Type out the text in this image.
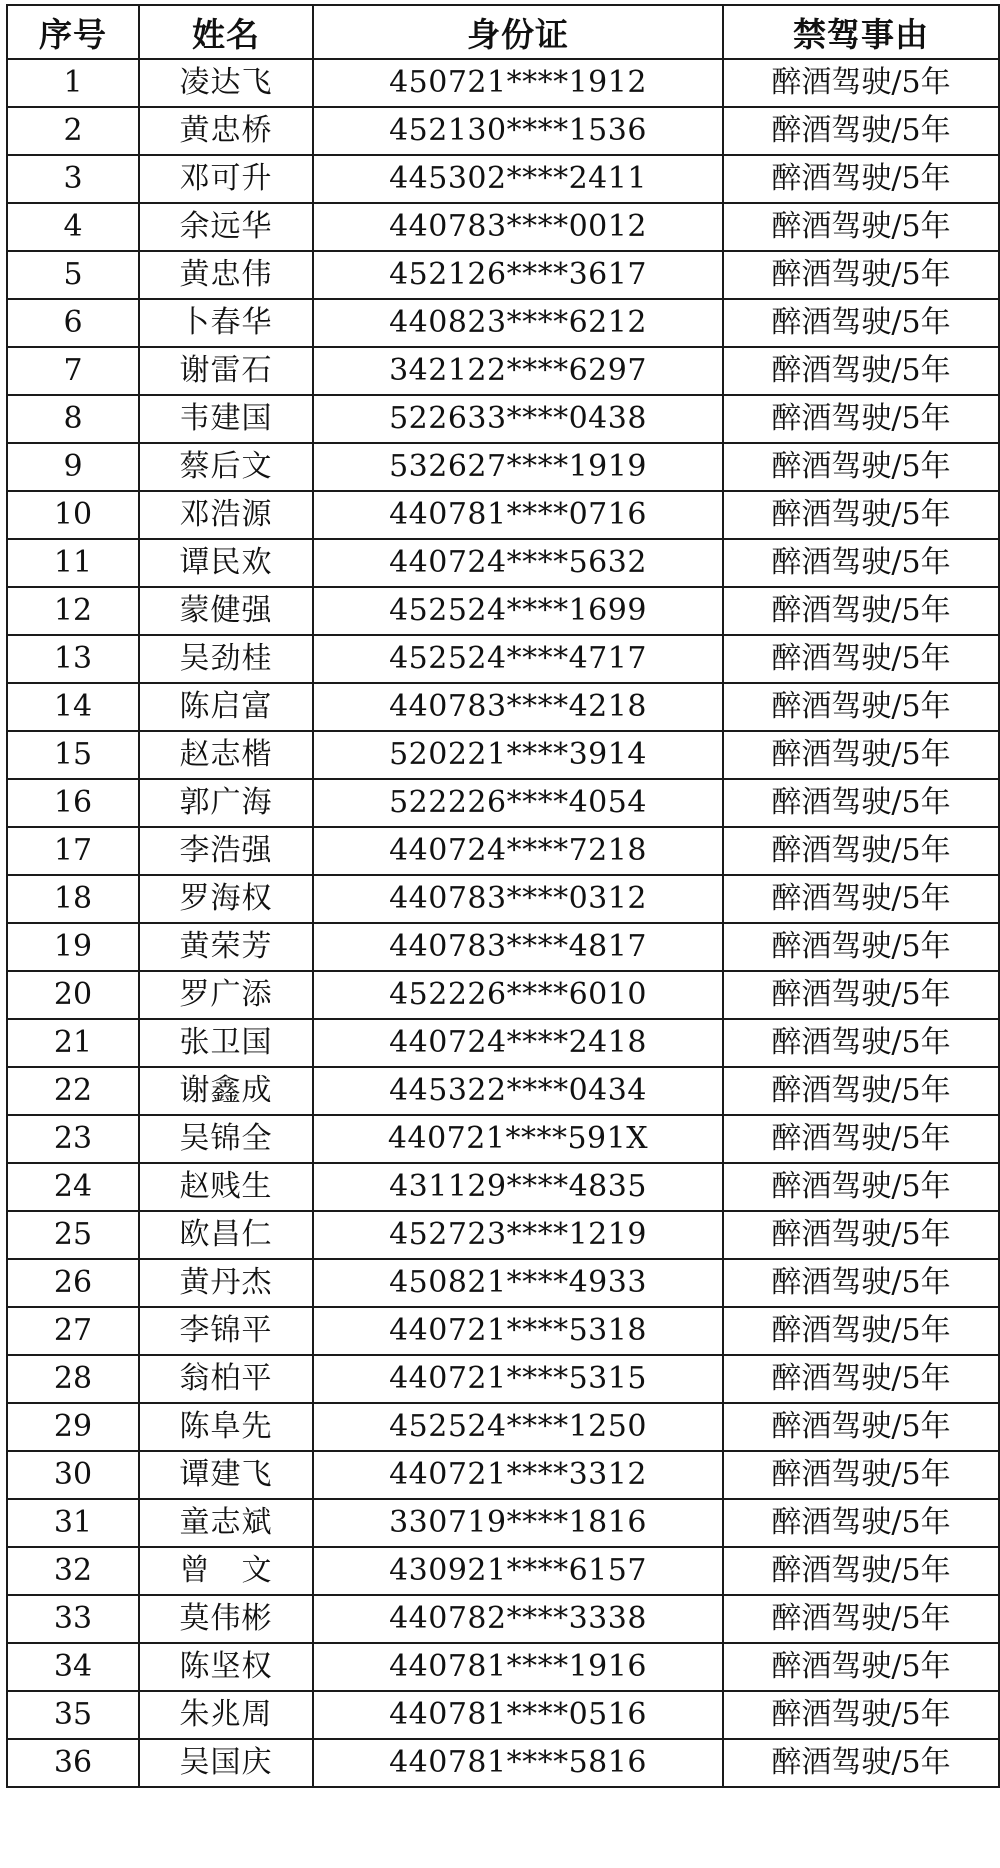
序号	姓名	身份证	禁驾事由
1	凌达飞	450721****1912	醉酒驾驶/5年
2	黄忠桥	452130****1536	醉酒驾驶/5年
3	邓可升	445302****2411	醉酒驾驶/5年
4	余远华	440783****0012	醉酒驾驶/5年
5	黄忠伟	452126****3617	醉酒驾驶/5年
6	卜春华	440823****6212	醉酒驾驶/5年
7	谢雷石	342122****6297	醉酒驾驶/5年
8	韦建国	522633****0438	醉酒驾驶/5年
9	蔡后文	532627****1919	醉酒驾驶/5年
10	邓浩源	440781****0716	醉酒驾驶/5年
11	谭民欢	440724****5632	醉酒驾驶/5年
12	蒙健强	452524****1699	醉酒驾驶/5年
13	吴劲桂	452524****4717	醉酒驾驶/5年
14	陈启富	440783****4218	醉酒驾驶/5年
15	赵志楷	520221****3914	醉酒驾驶/5年
16	郭广海	522226****4054	醉酒驾驶/5年
17	李浩强	440724****7218	醉酒驾驶/5年
18	罗海权	440783****0312	醉酒驾驶/5年
19	黄荣芳	440783****4817	醉酒驾驶/5年
20	罗广添	452226****6010	醉酒驾驶/5年
21	张卫国	440724****2418	醉酒驾驶/5年
22	谢鑫成	445322****0434	醉酒驾驶/5年
23	吴锦全	440721****591X	醉酒驾驶/5年
24	赵贱生	431129****4835	醉酒驾驶/5年
25	欧昌仁	452723****1219	醉酒驾驶/5年
26	黄丹杰	450821****4933	醉酒驾驶/5年
27	李锦平	440721****5318	醉酒驾驶/5年
28	翁柏平	440721****5315	醉酒驾驶/5年
29	陈阜先	452524****1250	醉酒驾驶/5年
30	谭建飞	440721****3312	醉酒驾驶/5年
31	童志斌	330719****1816	醉酒驾驶/5年
32	曾　文	430921****6157	醉酒驾驶/5年
33	莫伟彬	440782****3338	醉酒驾驶/5年
34	陈坚权	440781****1916	醉酒驾驶/5年
35	朱兆周	440781****0516	醉酒驾驶/5年
36	吴国庆	440781****5816	醉酒驾驶/5年
